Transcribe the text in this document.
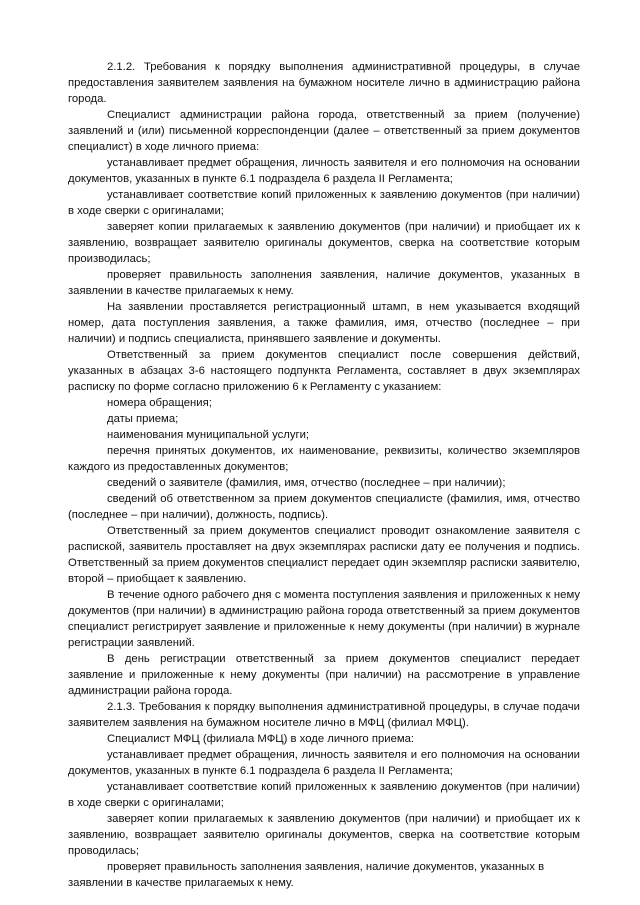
2.1.2. Требования к порядку выполнения административной процедуры, в случае предоставления заявителем заявления на бумажном носителе лично в администрацию района города.

Специалист администрации района города, ответственный за прием (получение) заявлений и (или) письменной корреспонденции (далее – ответственный за прием документов специалист) в ходе личного приема:

устанавливает предмет обращения, личность заявителя и его полномочия на основании документов, указанных в пункте 6.1 подраздела 6 раздела II Регламента;

устанавливает соответствие копий приложенных к заявлению документов (при наличии) в ходе сверки с оригиналами;

заверяет копии прилагаемых к заявлению документов (при наличии) и приобщает их к заявлению, возвращает заявителю оригиналы документов, сверка на соответствие которым производилась;

проверяет правильность заполнения заявления, наличие документов, указанных в заявлении в качестве прилагаемых к нему.

На заявлении проставляется регистрационный штамп, в нем указывается входящий номер, дата поступления заявления, а также фамилия, имя, отчество (последнее – при наличии) и подпись специалиста, принявшего заявление и документы.

Ответственный за прием документов специалист после совершения действий, указанных в абзацах 3-6 настоящего подпункта Регламента, составляет в двух экземплярах расписку по форме согласно приложению 6 к Регламенту с указанием:

номера обращения;

даты приема;

наименования муниципальной услуги;

перечня принятых документов, их наименование, реквизиты, количество экземпляров каждого из предоставленных документов;

сведений о заявителе (фамилия, имя, отчество (последнее – при наличии);

сведений об ответственном за прием документов специалисте (фамилия, имя, отчество (последнее – при наличии), должность, подпись).

Ответственный за прием документов специалист проводит ознакомление заявителя с распиской, заявитель проставляет на двух экземплярах расписки дату ее получения и подпись. Ответственный за прием документов специалист передает один экземпляр расписки заявителю, второй – приобщает к заявлению.

В течение одного рабочего дня с момента поступления заявления и приложенных к нему документов (при наличии) в администрацию района города ответственный за прием документов специалист регистрирует заявление и приложенные к нему документы (при наличии) в журнале регистрации заявлений.

В день регистрации ответственный за прием документов специалист передает заявление и приложенные к нему документы (при наличии) на рассмотрение в управление администрации района города.

2.1.3. Требования к порядку выполнения административной процедуры, в случае подачи заявителем заявления на бумажном носителе лично в МФЦ (филиал МФЦ).

Специалист МФЦ (филиала МФЦ) в ходе личного приема:

устанавливает предмет обращения, личность заявителя и его полномочия на основании документов, указанных в пункте 6.1 подраздела 6 раздела II Регламента;

устанавливает соответствие копий приложенных к заявлению документов (при наличии) в ходе сверки с оригиналами;

заверяет копии прилагаемых к заявлению документов (при наличии) и приобщает их к заявлению, возвращает заявителю оригиналы документов, сверка на соответствие которым проводилась;

проверяет правильность заполнения заявления, наличие документов, указанных в заявлении в качестве прилагаемых к нему.
